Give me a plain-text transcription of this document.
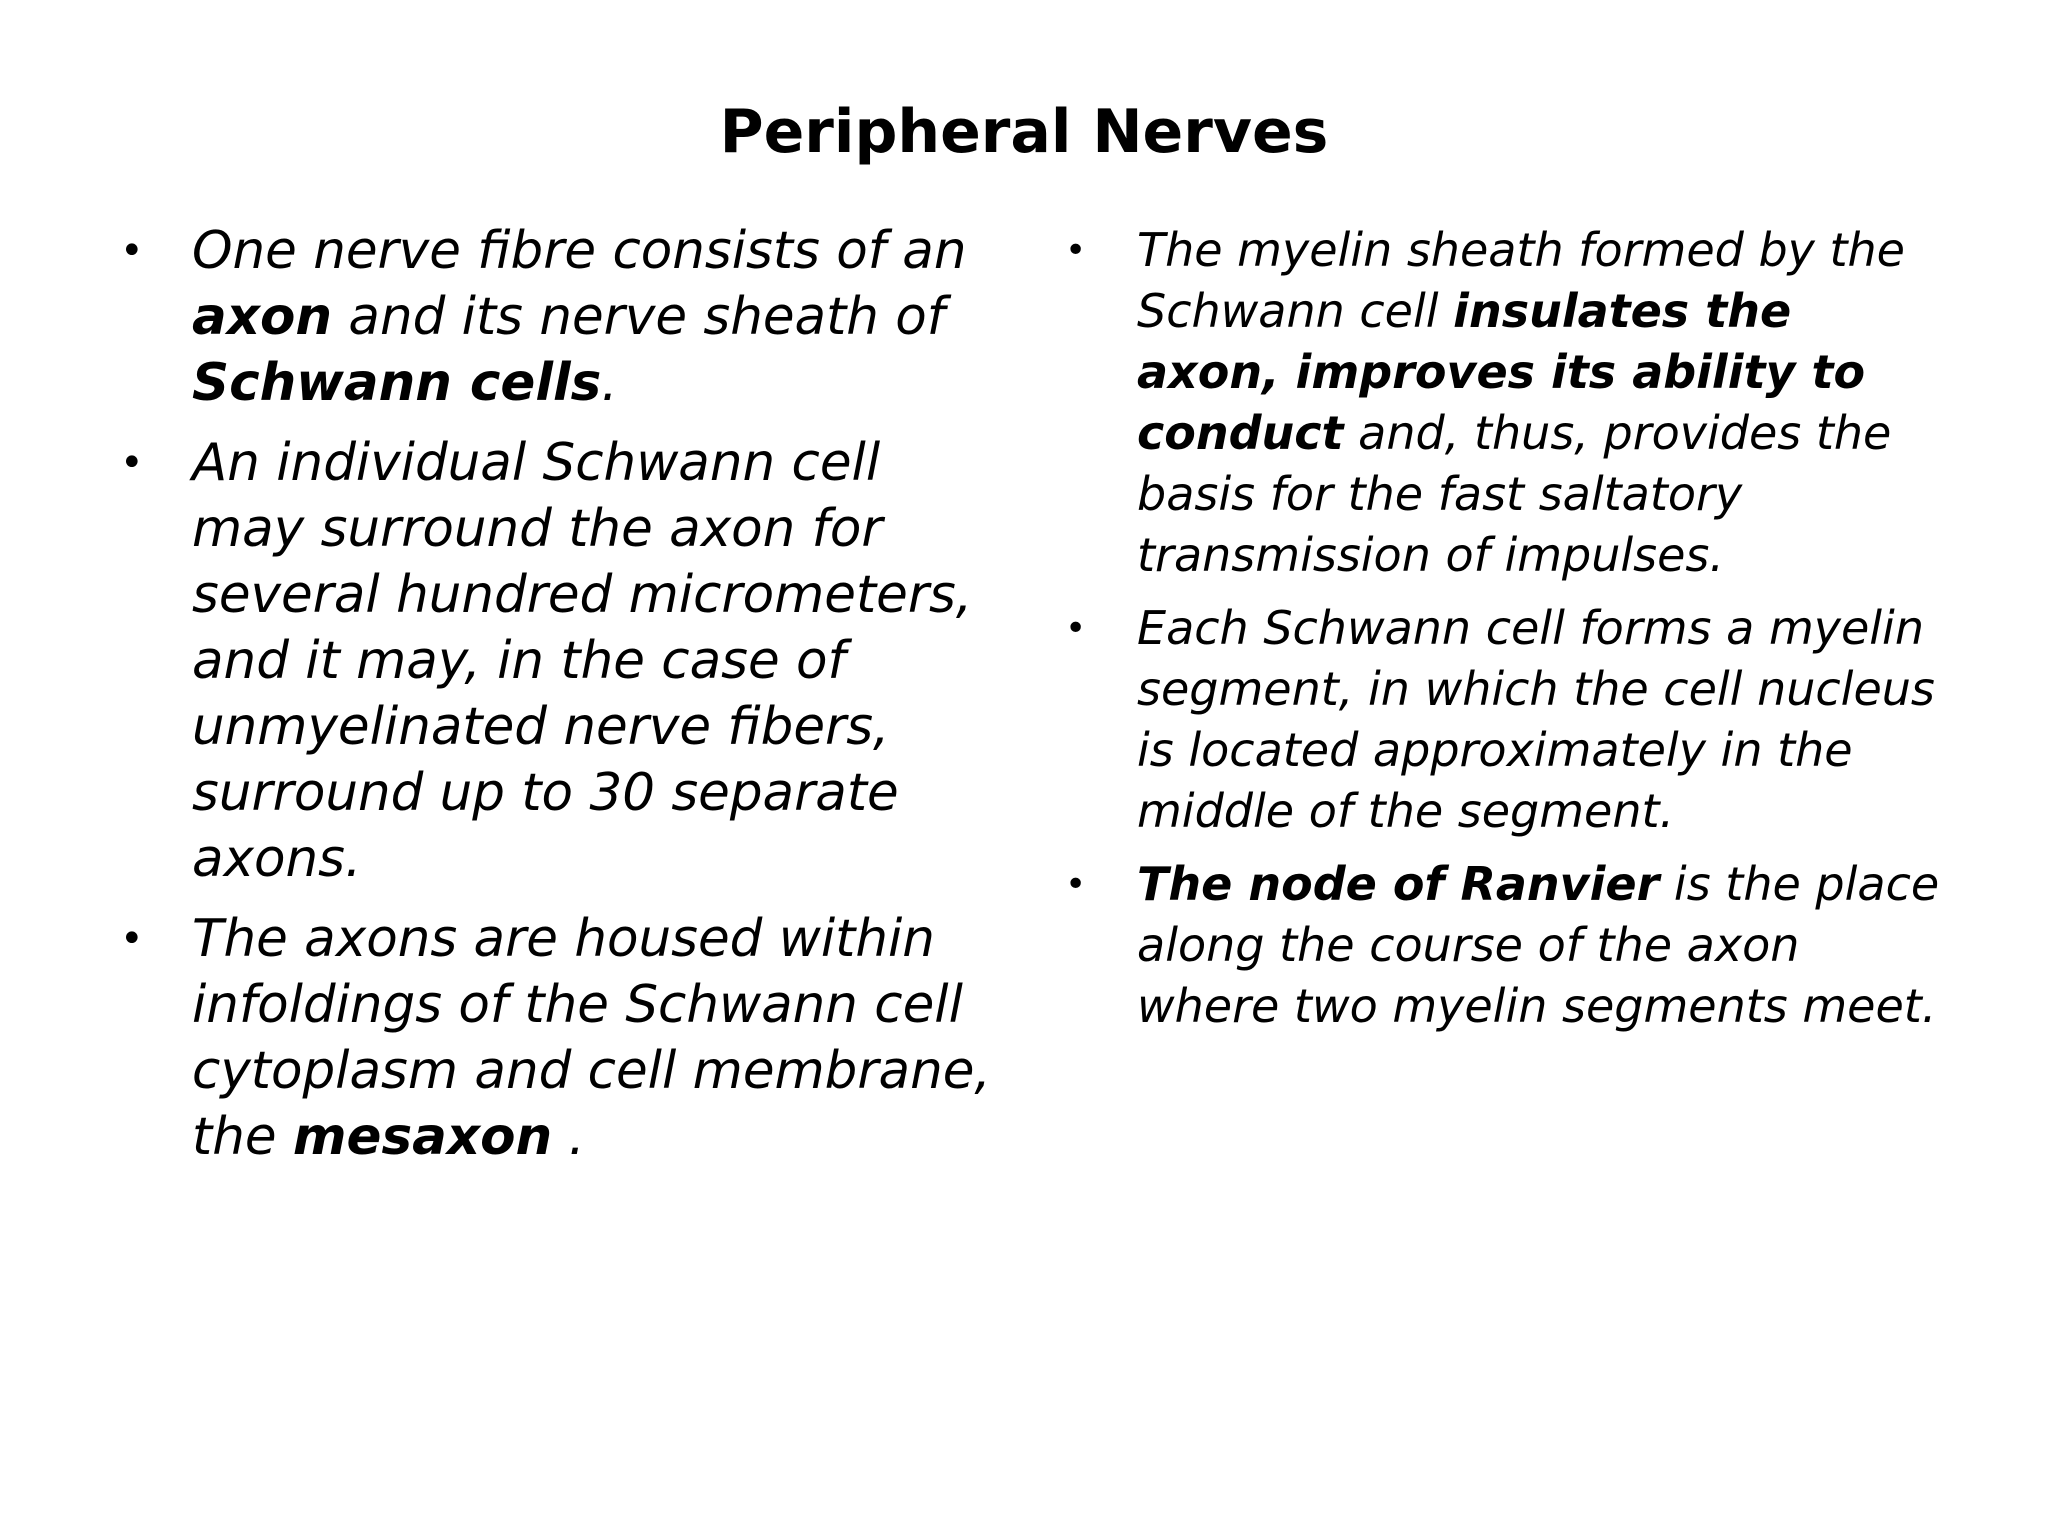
Peripheral Nerves
• One nerve fibre consists of an axon and its nerve sheath of Schwann cells.
• An individual Schwann cell may surround the axon for several hundred micrometers, and it may, in the case of unmyelinated nerve fibers, surround up to 30 separate axons.
• The axons are housed within infoldings of the Schwann cell cytoplasm and cell membrane, the mesaxon .
•	The myelin sheath formed by the Schwann cell insulates the axon, improves its ability to conduct and, thus, provides the basis for the fast saltatory transmission of impulses.
•	Each Schwann cell forms a myelin segment, in which the cell nucleus is located approximately in the middle of the segment.
•	The node of Ranvier is the place along the course of the axon where two myelin segments meet.
